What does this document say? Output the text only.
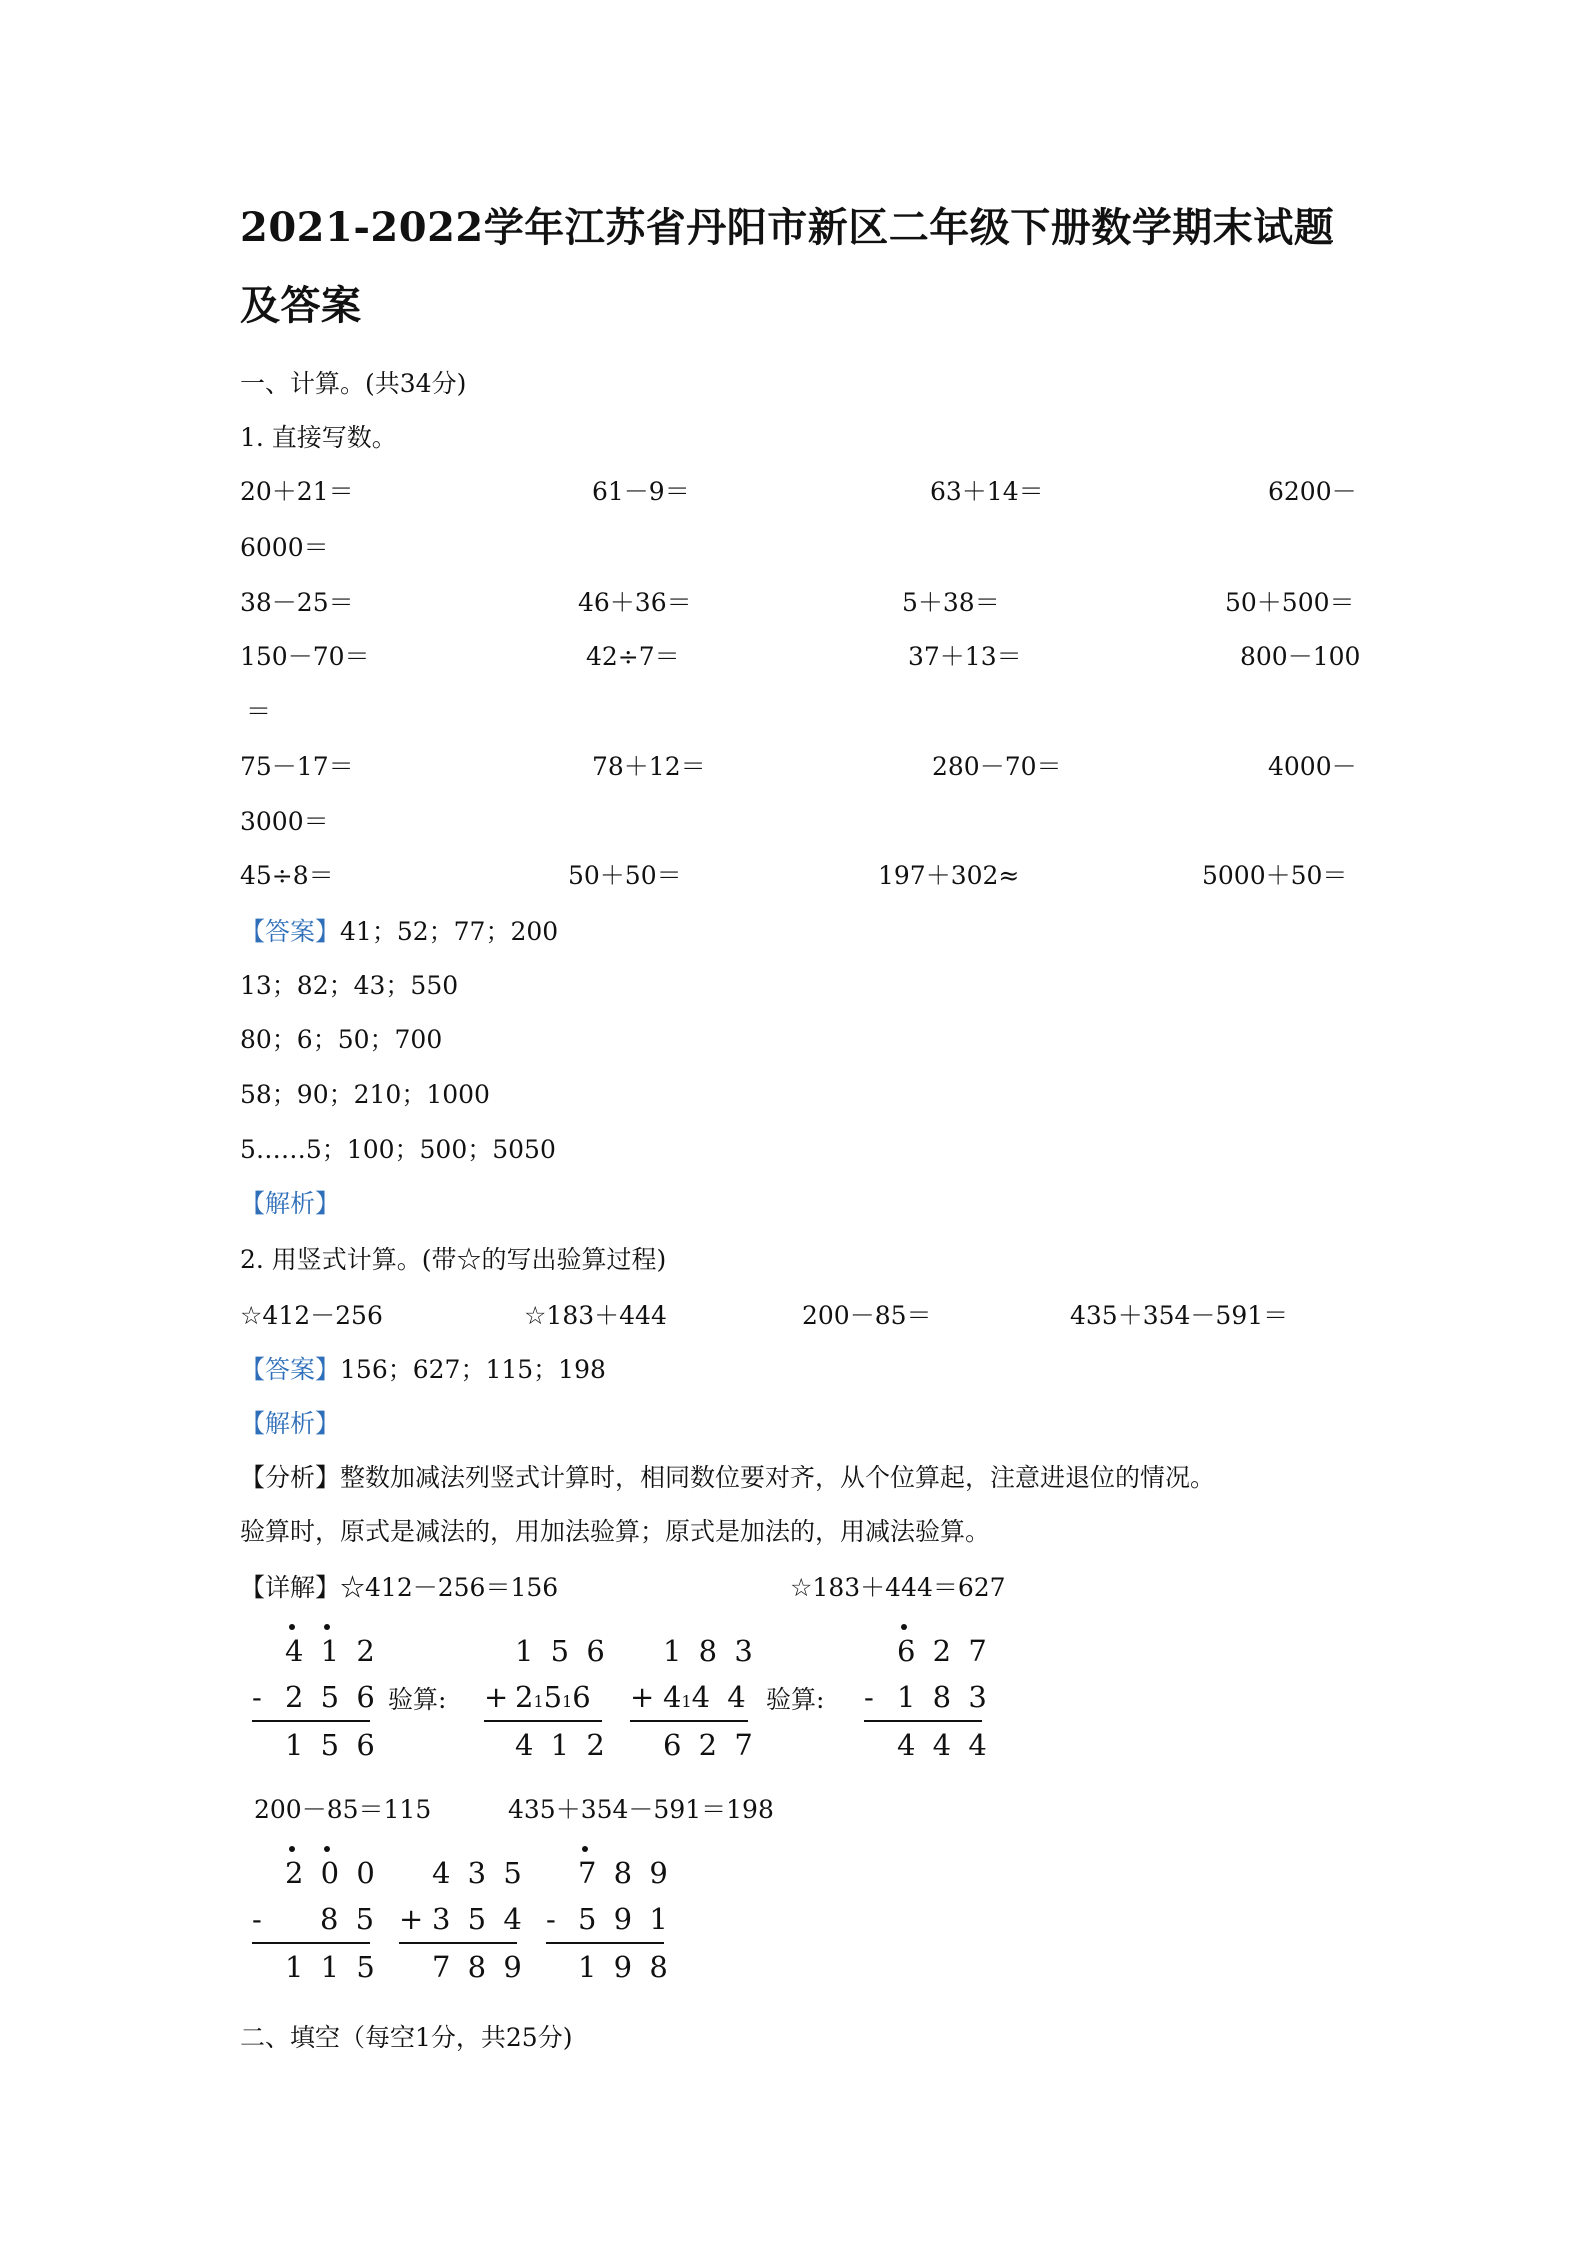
2021-2022学年江苏省丹阳市新区二年级下册数学期末试题
及答案
一、计算。(共34分)
1. 直接写数。
20＋21＝	61－9＝	63＋14＝	6200－
6000＝
38－25＝	46＋36＝	5＋38＝	50＋500＝
150－70＝	42÷7＝	37＋13＝	800－100
＝
75－17＝	78＋12＝	280－70＝	4000－
3000＝
45÷8＝	50＋50＝	197＋302≈	5000＋50＝
【答案】41；52；77；200
13；82；43；550
80；6；50；700
58；90；210；1000
5……5；100；500；5050
【解析】
2. 用竖式计算。(带☆的写出验算过程)
☆412－256	☆183＋444	200－85＝	435＋354－591＝
【答案】156；627；115；198
【解析】
【分析】整数加减法列竖式计算时，相同数位要对齐，从个位算起，注意进退位的情况。
验算时，原式是减法的，用加法验算；原式是加法的，用减法验算。
【详解】☆412－256＝156	☆183＋444＝627
4 1 2
- 2 5 6
1 5 6
验算:
1 5 6
+ 21516
4 1 2
1 8 3
+ 414 4
6 2 7
验算:
6 2 7
- 1 8 3
4 4 4
200－85＝115	435＋354－591＝198
2 0 0
- 8 5
1 1 5
4 3 5
+ 3 5 4
7 8 9
7 8 9
- 5 9 1
1 9 8
二、填空（每空1分，共25分)
